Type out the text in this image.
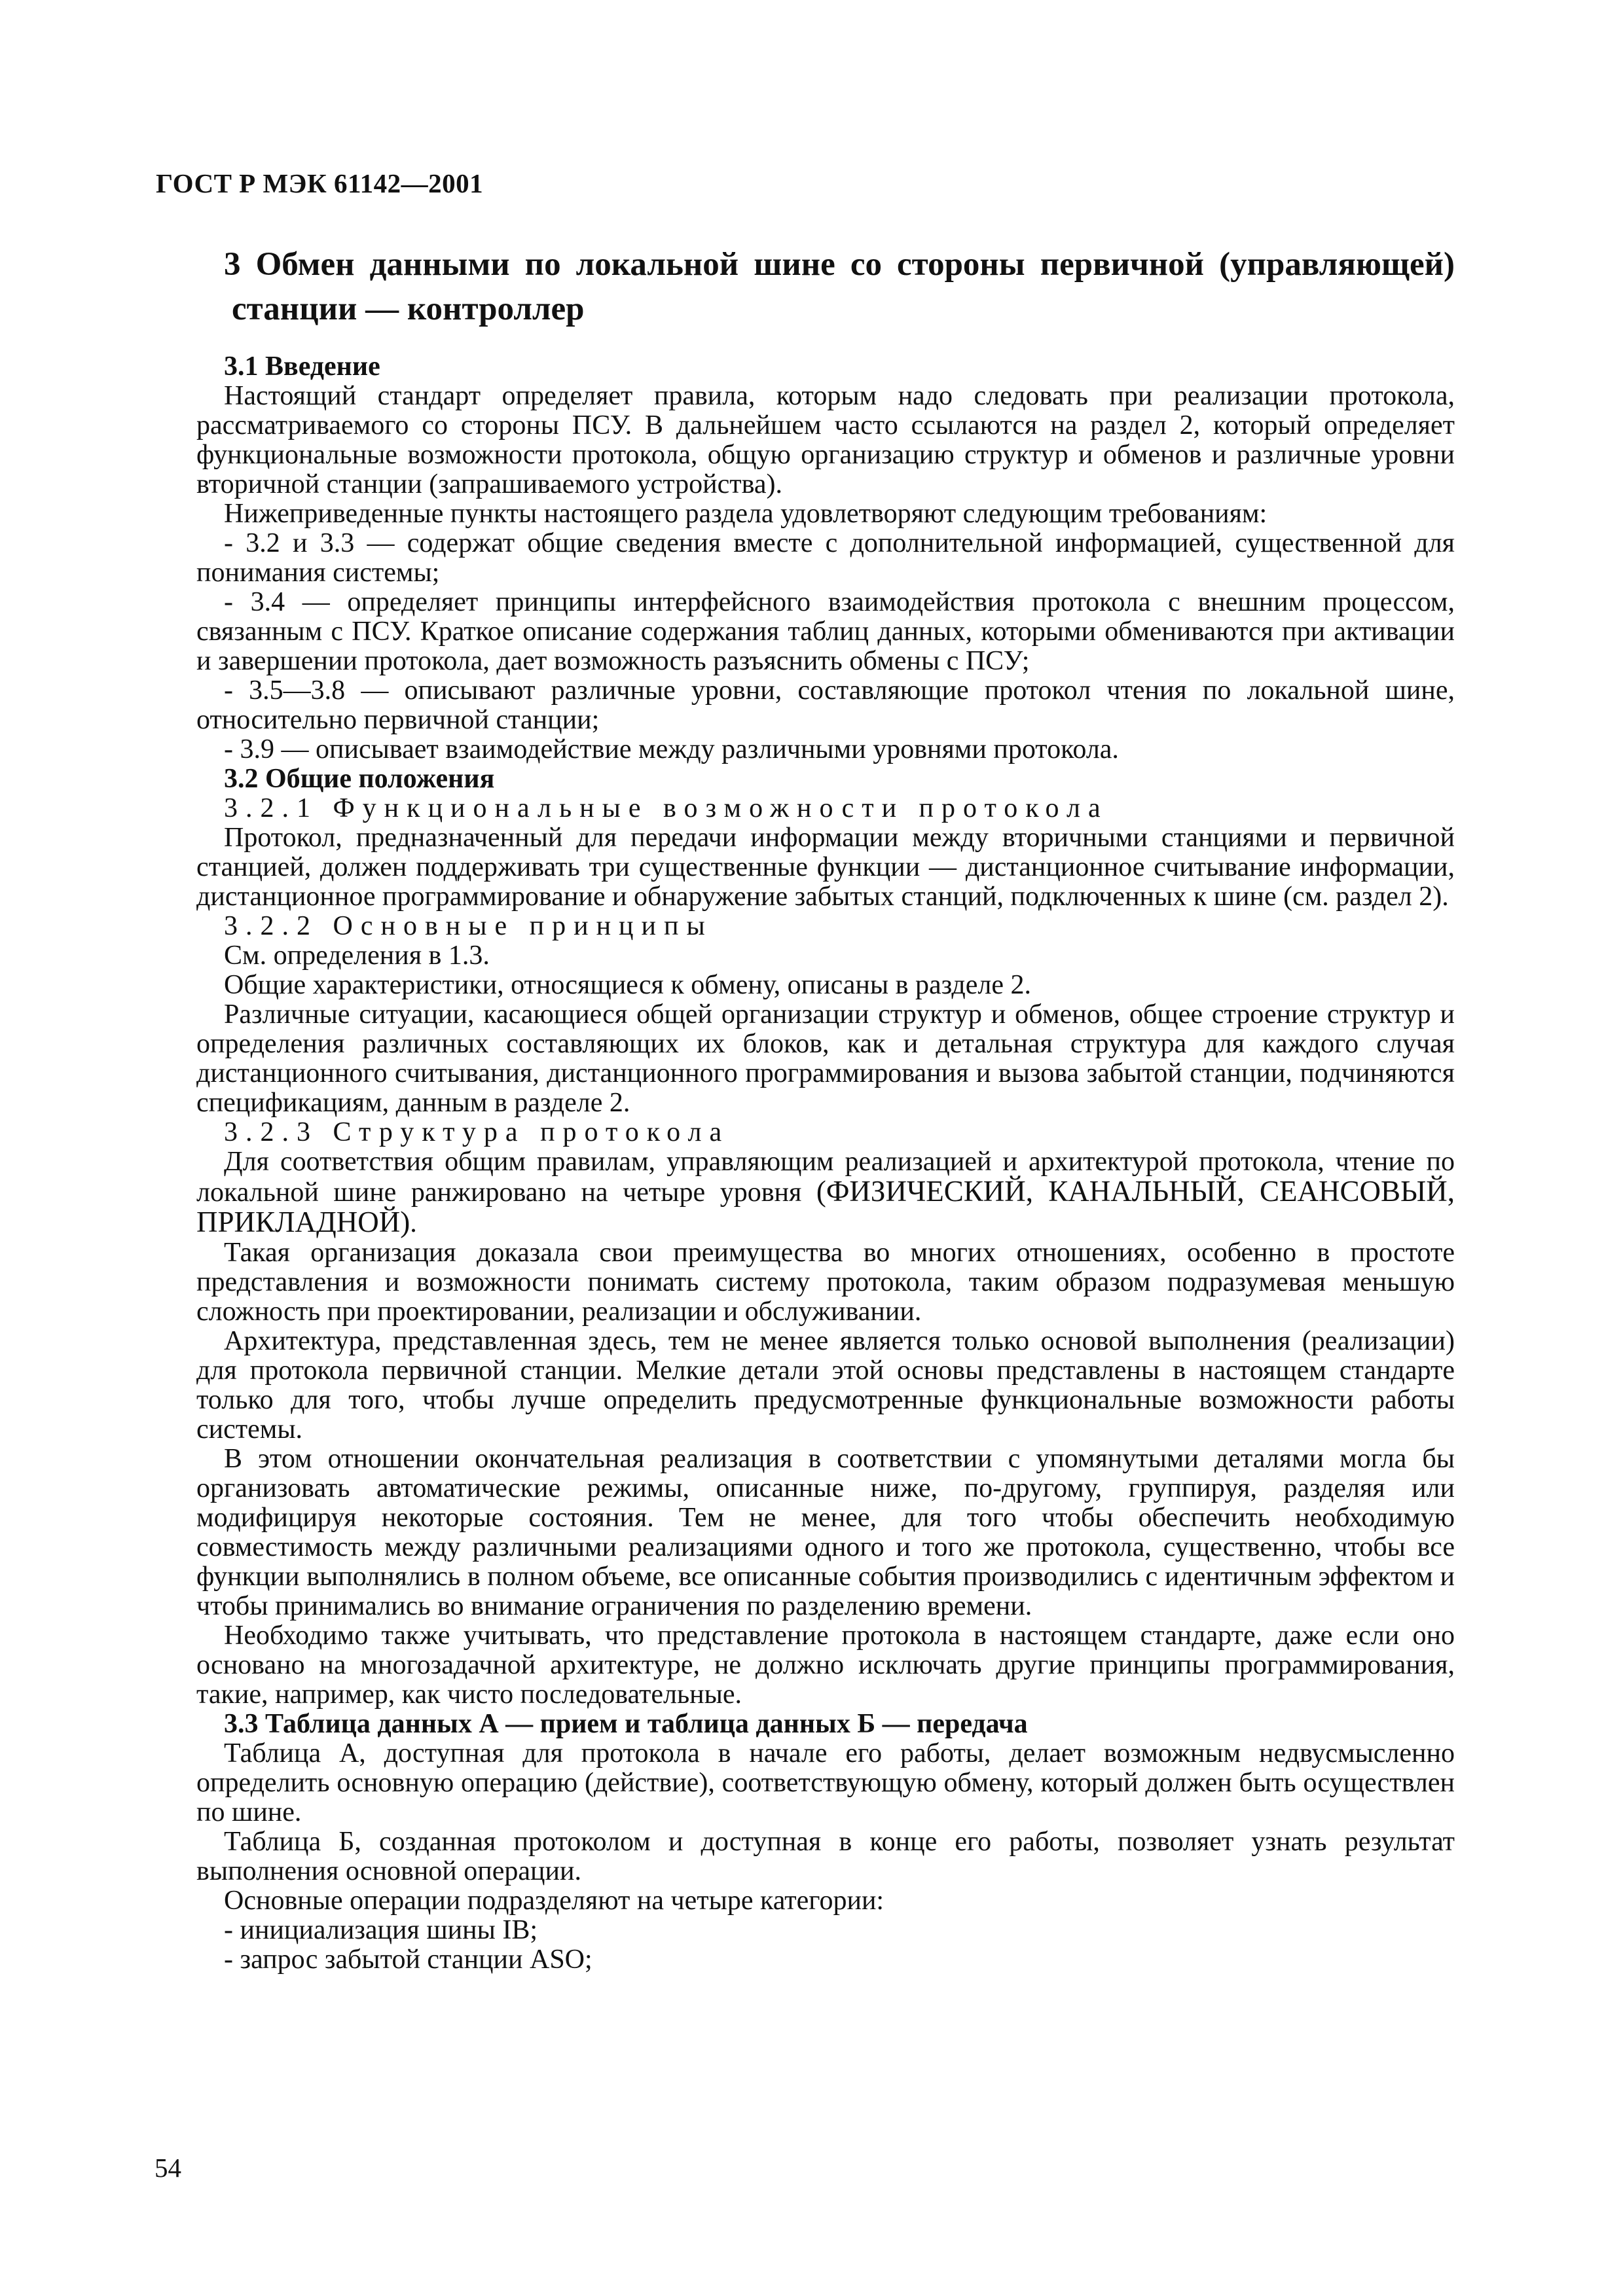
ГОСТ Р МЭК 61142—2001
3 Обмен данными по локальной шине со стороны первичной (управляющей)
станции — контроллер
3.1 Введение

Настоящий стандарт определяет правила, которым надо следовать при реализации протокола, рассматриваемого со стороны ПСУ. В дальнейшем часто ссылаются на раздел 2, который определяет функциональные возможности протокола, общую организацию структур и обменов и различные уровни вторичной станции (запрашиваемого устройства).

Нижеприведенные пункты настоящего раздела удовлетворяют следующим требованиям:

- 3.2 и 3.3 — содержат общие сведения вместе с дополнительной информацией, существенной для понимания системы;

- 3.4 — определяет принципы интерфейсного взаимодействия протокола с внешним процессом, связанным с ПСУ. Краткое описание содержания таблиц данных, которыми обмениваются при активации и завершении протокола, дает возможность разъяснить обмены с ПСУ;

- 3.5—3.8 — описывают различные уровни, составляющие протокол чтения по локальной шине, относительно первичной станции;

- 3.9 — описывает взаимодействие между различными уровнями протокола.

3.2 Общие положения

3.2.1 Функциональные возможности протокола

Протокол, предназначенный для передачи информации между вторичными станциями и первичной станцией, должен поддерживать три существенные функции — дистанционное считывание информации, дистанционное программирование и обнаружение забытых станций, подключенных к шине (см. раздел 2).

3.2.2 Основные принципы

См. определения в 1.3.

Общие характеристики, относящиеся к обмену, описаны в разделе 2.

Различные ситуации, касающиеся общей организации структур и обменов, общее строение структур и определения различных составляющих их блоков, как и детальная структура для каждого случая дистанционного считывания, дистанционного программирования и вызова забытой станции, подчиняются спецификациям, данным в разделе 2.

3.2.3 Структура протокола

Для соответствия общим правилам, управляющим реализацией и архитектурой протокола, чтение по локальной шине ранжировано на четыре уровня (ФИЗИЧЕСКИЙ, КАНАЛЬНЫЙ, СЕАНСОВЫЙ, ПРИКЛАДНОЙ).

Такая организация доказала свои преимущества во многих отношениях, особенно в простоте представления и возможности понимать систему протокола, таким образом подразумевая меньшую сложность при проектировании, реализации и обслуживании.

Архитектура, представленная здесь, тем не менее является только основой выполнения (реализации) для протокола первичной станции. Мелкие детали этой основы представлены в настоящем стандарте только для того, чтобы лучше определить предусмотренные функциональные возможности работы системы.

В этом отношении окончательная реализация в соответствии с упомянутыми деталями могла бы организовать автоматические режимы, описанные ниже, по-другому, группируя, разделяя или модифицируя некоторые состояния. Тем не менее, для того чтобы обеспечить необходимую совместимость между различными реализациями одного и того же протокола, существенно, чтобы все функции выполнялись в полном объеме, все описанные события производились с идентичным эффектом и чтобы принимались во внимание ограничения по разделению времени.

Необходимо также учитывать, что представление протокола в настоящем стандарте, даже если оно основано на многозадачной архитектуре, не должно исключать другие принципы программирования, такие, например, как чисто последовательные.

3.3 Таблица данных А — прием и таблица данных Б — передача

Таблица А, доступная для протокола в начале его работы, делает возможным недвусмысленно определить основную операцию (действие), соответствующую обмену, который должен быть осуществлен по шине.

Таблица Б, созданная протоколом и доступная в конце его работы, позволяет узнать результат выполнения основной операции.

Основные операции подразделяют на четыре категории:

- инициализация шины IB;

- запрос забытой станции ASO;

54
